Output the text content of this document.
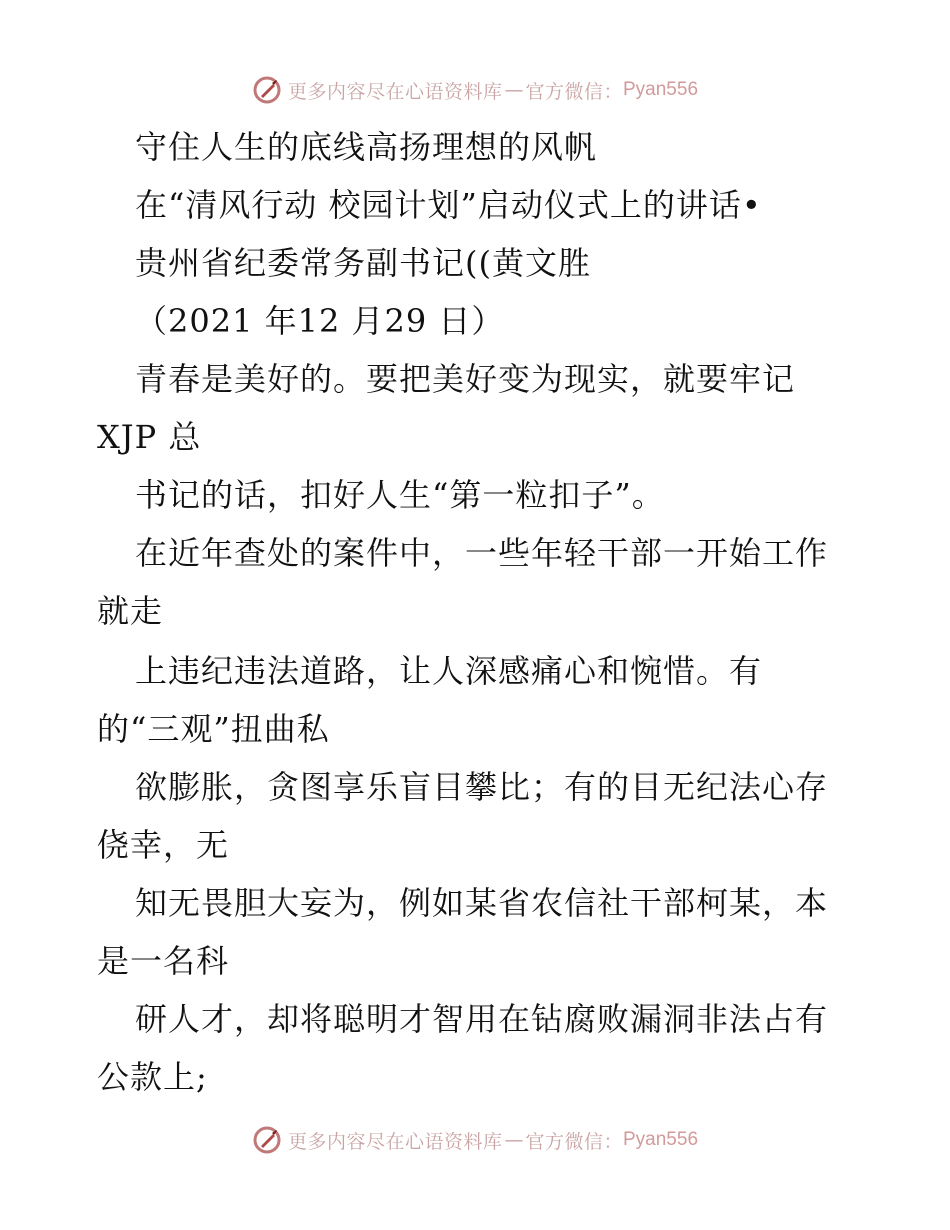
更多内容尽在心语资料库 — 官方微信： Pyan556
守住人生的底线高扬理想的风帆
在“清风行动 校园计划”启动仪式上的讲话•
贵州省纪委常务副书记((黄文胜
（2021 年12 月29 日）
青春是美好的。要把美好变为现实，就要牢记
XJP 总
书记的话，扣好人生“第一粒扣子”。
在近年查处的案件中，一些年轻干部一开始工作
就走
上违纪违法道路，让人深感痛心和惋惜。有
的“三观”扭曲私
欲膨胀，贪图享乐盲目攀比；有的目无纪法心存
侥幸，无
知无畏胆大妄为，例如某省农信社干部柯某，本
是一名科
研人才，却将聪明才智用在钻腐败漏洞非法占有
公款上;
更多内容尽在心语资料库 — 官方微信： Pyan556
